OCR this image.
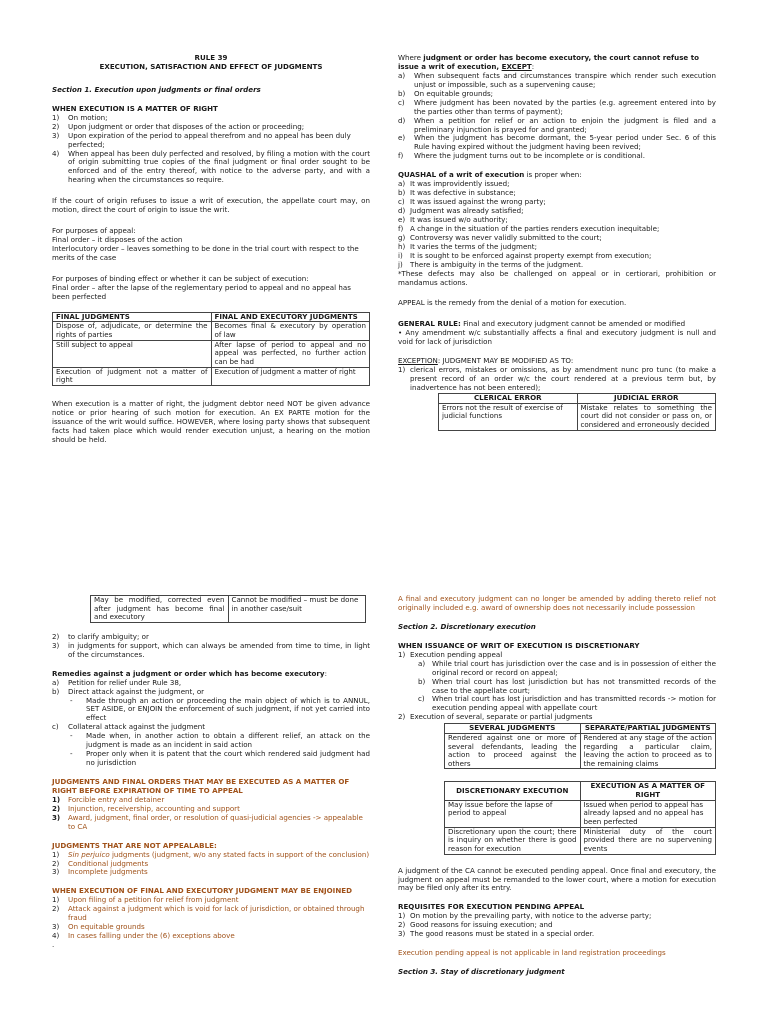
RULE 39
EXECUTION, SATISFACTION AND EFFECT OF JUDGMENTS
Section 1. Execution upon judgments or final orders
WHEN EXECUTION IS A MATTER OF RIGHT
1) On motion;
2) Upon judgment or order that disposes of the action or proceeding;
3) Upon expiration of the period to appeal therefrom and no appeal has been duly perfected;
4) When appeal has been duly perfected and resolved, by filing a motion with the court of origin submitting true copies of the final judgment or final order sought to be enforced and of the entry thereof, with notice to the adverse party, and with a hearing when the circumstances so require.
If the court of origin refuses to issue a writ of execution, the appellate court may, on motion, direct the court of origin to issue the writ.
For purposes of appeal:
Final order – it disposes of the action
Interlocutory order – leaves something to be done in the trial court with respect to the merits of the case
For purposes of binding effect or whether it can be subject of execution:
Final order – after the lapse of the reglementary period to appeal and no appeal has been perfected
FINAL JUDGMENTS	FINAL AND EXECUTORY JUDGMENTS
Dispose of, adjudicate, or determine the rights of parties	Becomes final & executory by operation of law
Still subject to appeal	After lapse of period to appeal and no appeal was perfected, no further action can be had
Execution of judgment not a matter of right	Execution of judgment a matter of right
When execution is a matter of right, the judgment debtor need NOT be given advance notice or prior hearing of such motion for execution. An EX PARTE motion for the issuance of the writ would suffice. HOWEVER, where losing party shows that subsequent facts had taken place which would render execution unjust, a hearing on the motion should be held.
Where judgment or order has become executory, the court cannot refuse to issue a writ of execution, EXCEPT:
a) When subsequent facts and circumstances transpire which render such execution unjust or impossible, such as a supervening cause;
b) On equitable grounds;
c) Where judgment has been novated by the parties (e.g. agreement entered into by the parties other than terms of payment);
d) When a petition for relief or an action to enjoin the judgment is filed and a preliminary injunction is prayed for and granted;
e) When the judgment has become dormant, the 5-year period under Sec. 6 of this Rule having expired without the judgment having been revived;
f) Where the judgment turns out to be incomplete or is conditional.
QUASHAL of a writ of execution is proper when:
a) It was improvidently issued;
b) It was defective in substance;
c) It was issued against the wrong party;
d) Judgment was already satisfied;
e) It was issued w/o authority;
f) A change in the situation of the parties renders execution inequitable;
g) Controversy was never validly submitted to the court;
h) It varies the terms of the judgment;
i) It is sought to be enforced against property exempt from execution;
j) There is ambiguity in the terms of the judgment.
*These defects may also be challenged on appeal or in certiorari, prohibition or mandamus actions.
APPEAL is the remedy from the denial of a motion for execution.
GENERAL RULE: Final and executory judgment cannot be amended or modified
• Any amendment w/c substantially affects a final and executory judgment is null and void for lack of jurisdiction
EXCEPTION: JUDGMENT MAY BE MODIFIED AS TO:
1) clerical errors, mistakes or omissions, as by amendment nunc pro tunc (to make a present record of an order w/c the court rendered at a previous term but, by inadvertence has not been entered);
CLERICAL ERROR	JUDICIAL ERROR
Errors not the result of exercise of judicial functions	Mistake relates to something the court did not consider or pass on, or considered and erroneously decided
May be modified, corrected even after judgment has become final and executory	Cannot be modified – must be done in another case/suit
2) to clarify ambiguity; or
3) in judgments for support, which can always be amended from time to time, in light of the circumstances.
Remedies against a judgment or order which has become executory:
a) Petition for relief under Rule 38,
b) Direct attack against the judgment, or
- Made through an action or proceeding the main object of which is to ANNUL, SET ASIDE, or ENJOIN the enforcement of such judgment, if not yet carried into effect
c) Collateral attack against the judgment
- Made when, in another action to obtain a different relief, an attack on the judgment is made as an incident in said action
- Proper only when it is patent that the court which rendered said judgment had no jurisdiction
JUDGMENTS AND FINAL ORDERS THAT MAY BE EXECUTED AS A MATTER OF RIGHT BEFORE EXPIRATION OF TIME TO APPEAL
1) Forcible entry and detainer
2) Injunction, receivership, accounting and support
3) Award, judgment, final order, or resolution of quasi-judicial agencies -> appealable to CA
JUDGMENTS THAT ARE NOT APPEALABLE:
1) Sin perjuico judgments (judgment, w/o any stated facts in support of the conclusion)
2) Conditional judgments
3) Incomplete judgments
WHEN EXECUTION OF FINAL AND EXECUTORY JUDGMENT MAY BE ENJOINED
1) Upon filing of a petition for relief from judgment
2) Attack against a judgment which is void for lack of jurisdiction, or obtained through fraud
3) On equitable grounds
4) In cases falling under the (6) exceptions above
.
A final and executory judgment can no longer be amended by adding thereto relief not originally included e.g. award of ownership does not necessarily include possession
Section 2. Discretionary execution
WHEN ISSUANCE OF WRIT OF EXECUTION IS DISCRETIONARY
1) Execution pending appeal
a) While trial court has jurisdiction over the case and is in possession of either the original record or record on appeal;
b) When trial court has lost jurisdiction but has not transmitted records of the case to the appellate court;
c) When trial court has lost jurisdiction and has transmitted records -> motion for execution pending appeal with appellate court
2) Execution of several, separate or partial judgments
SEVERAL JUDGMENTS	SEPARATE/PARTIAL JUDGMENTS
Rendered against one or more of several defendants, leading the action to proceed against the others	Rendered at any stage of the action regarding a particular claim, leaving the action to proceed as to the remaining claims
DISCRETIONARY EXECUTION	EXECUTION AS A MATTER OF RIGHT
May issue before the lapse of period to appeal	Issued when period to appeal has already lapsed and no appeal has been perfected
Discretionary upon the court; there is inquiry on whether there is good reason for execution	Ministerial duty of the court provided there are no supervening events
A judgment of the CA cannot be executed pending appeal. Once final and executory, the judgment on appeal must be remanded to the lower court, where a motion for execution may be filed only after its entry.
REQUISITES FOR EXECUTION PENDING APPEAL
1) On motion by the prevailing party, with notice to the adverse party;
2) Good reasons for issuing execution; and
3) The good reasons must be stated in a special order.
Execution pending appeal is not applicable in land registration proceedings
Section 3. Stay of discretionary judgment
